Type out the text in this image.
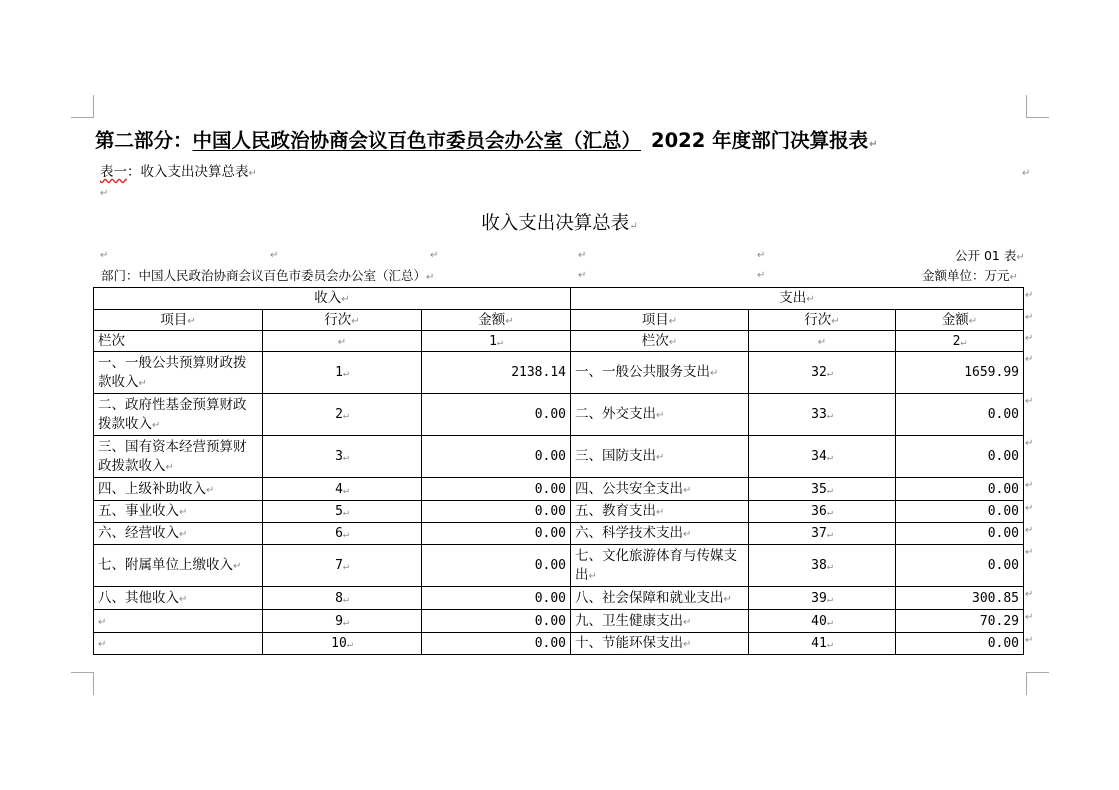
第二部分：中国人民政治协商会议百色市委员会办公室（汇总） 2022 年度部门决算报表↵
表一：收入支出决算总表↵	↵
↵
收入支出决算总表↵
↵	↵	↵	↵	↵	公开 01 表↵
部门：中国人民政治协商会议百色市委员会办公室（汇总）↵	↵	↵	金额单位：万元↵
收入↵			支出↵		
项目↵	行次↵	金额↵	项目↵	行次↵	金额↵
栏次	↵	1↵	栏次↵	↵	2↵
一、一般公共预算财政拨款收入↵	1↵	2138.14	一、一般公共服务支出↵	32↵	1659.99
二、政府性基金预算财政拨款收入↵	2↵	0.00	二、外交支出↵	33↵	0.00
三、国有资本经营预算财政拨款收入↵	3↵	0.00	三、国防支出↵	34↵	0.00
四、上级补助收入↵	4↵	0.00	四、公共安全支出↵	35↵	0.00
五、事业收入↵	5↵	0.00	五、教育支出↵	36↵	0.00
六、经营收入↵	6↵	0.00	六、科学技术支出↵	37↵	0.00
七、附属单位上缴收入↵	7↵	0.00	七、文化旅游体育与传媒支出↵	38↵	0.00
八、其他收入↵	8↵	0.00	八、社会保障和就业支出↵	39↵	300.85
↵	9↵	0.00	九、卫生健康支出↵	40↵	70.29
↵	10↵	0.00	十、节能环保支出↵	41↵	0.00
↵
↵
↵
↵
↵
↵
↵
↵
↵
↵
↵
↵
↵
